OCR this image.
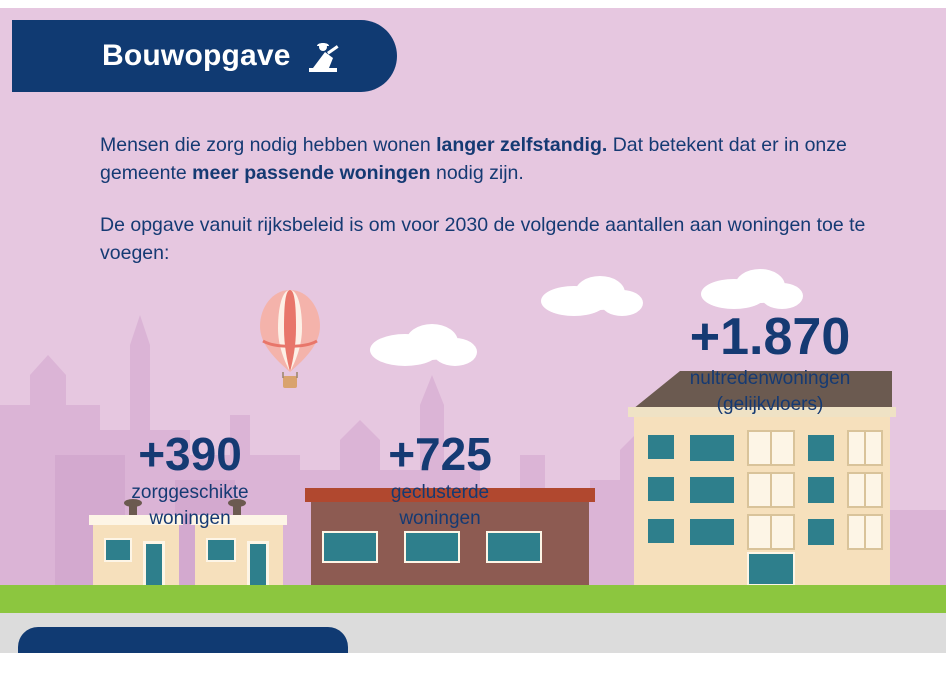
+390
zorggeschikte
woningen
+725
geclusterde
woningen
+1.870
nultredenwoningen
(gelijkvloers)
Mensen die zorg nodig hebben wonen langer zelfstandig. Dat betekent dat er in onze gemeente meer passende woningen nodig zijn.
De opgave vanuit rijksbeleid is om voor 2030 de volgende aantallen aan woningen toe te voegen:
Bouwopgave
